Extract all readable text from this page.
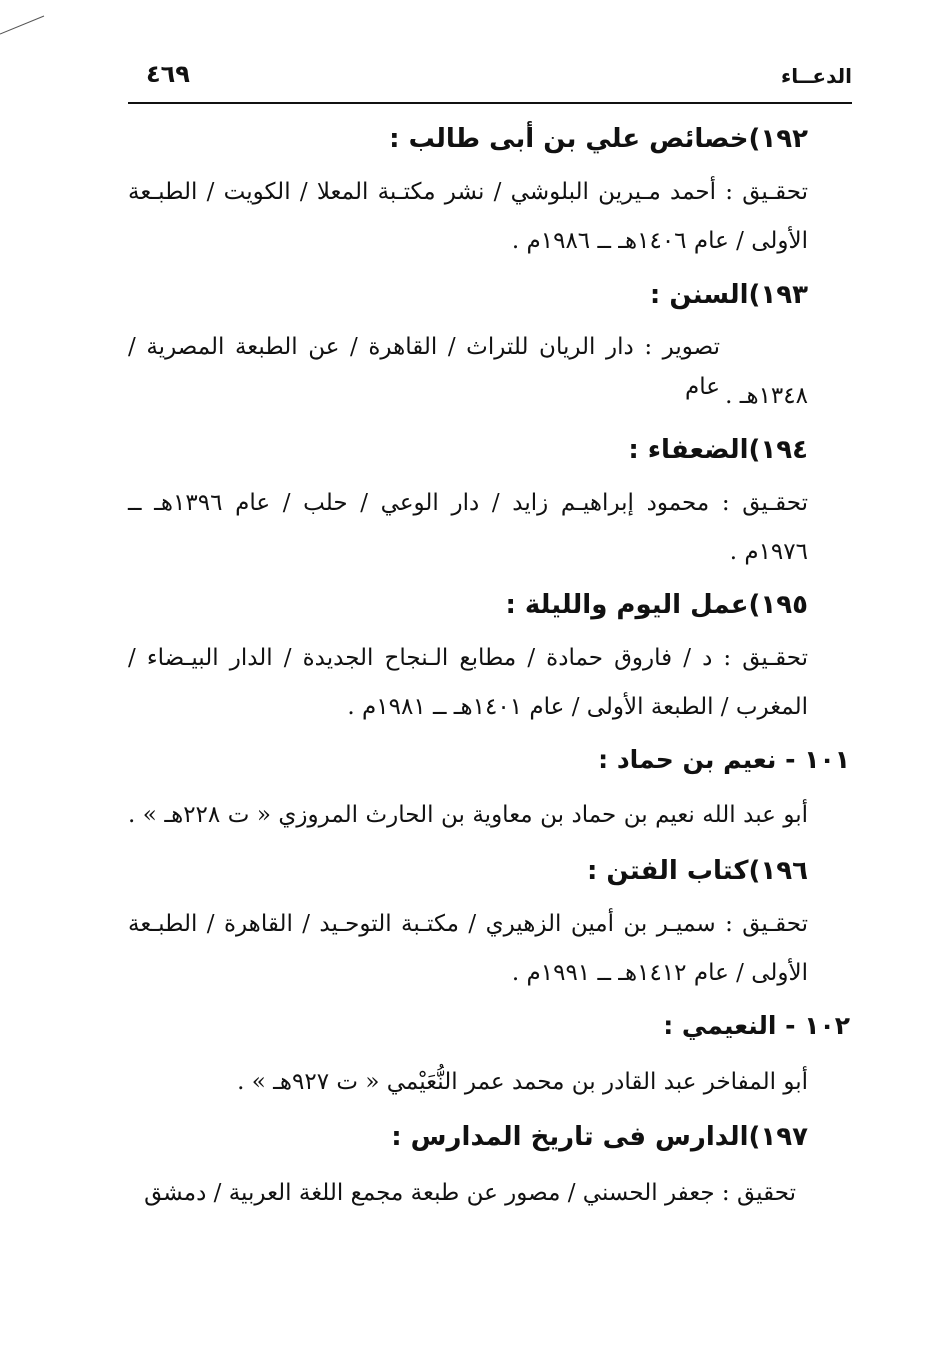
الدعــاء
٤٦٩
١٩٢)خصائص علي بن أبى طالب :
تحقـيق : أحمد مـيرين البلوشي / نشر مكتـبة المعلا / الكويت / الطبـعة
الأولى / عام ١٤٠٦هـ ــ ١٩٨٦م .
١٩٣)السنن :
تصوير : دار الريان للتراث / القاهرة / عن الطبعة المصرية / عام ١٣٤٨هـ .
١٩٤)الضعفاء :
تحقـيق : محمود إبراهيـم زايد / دار الوعي / حلب / عام ١٣٩٦هـ ــ
١٩٧٦م .
١٩٥)عمل اليوم والليلة :
تحقـيق : د / فاروق حمادة / مطابع الـنجاح الجديدة / الدار البيـضاء /
المغرب / الطبعة الأولى / عام ١٤٠١هـ ــ ١٩٨١م .
١٠١ - نعيم بن حماد :
أبو عبد الله نعيم بن حماد بن معاوية بن الحارث المروزي « ت ٢٢٨هـ » .
١٩٦)كتاب الفتن :
تحقـيق : سميـر بن أمين الزهيري / مكتـبة التوحـيد / القاهرة / الطبـعة
الأولى / عام ١٤١٢هـ ــ ١٩٩١م .
١٠٢ - النعيمي :
أبو المفاخر عبد القادر بن محمد عمر النُّعَيْمي « ت ٩٢٧هـ » .
١٩٧)الدارس فى تاريخ المدارس :
تحقيق : جعفر الحسني / مصور عن طبعة مجمع اللغة العربية / دمشق
